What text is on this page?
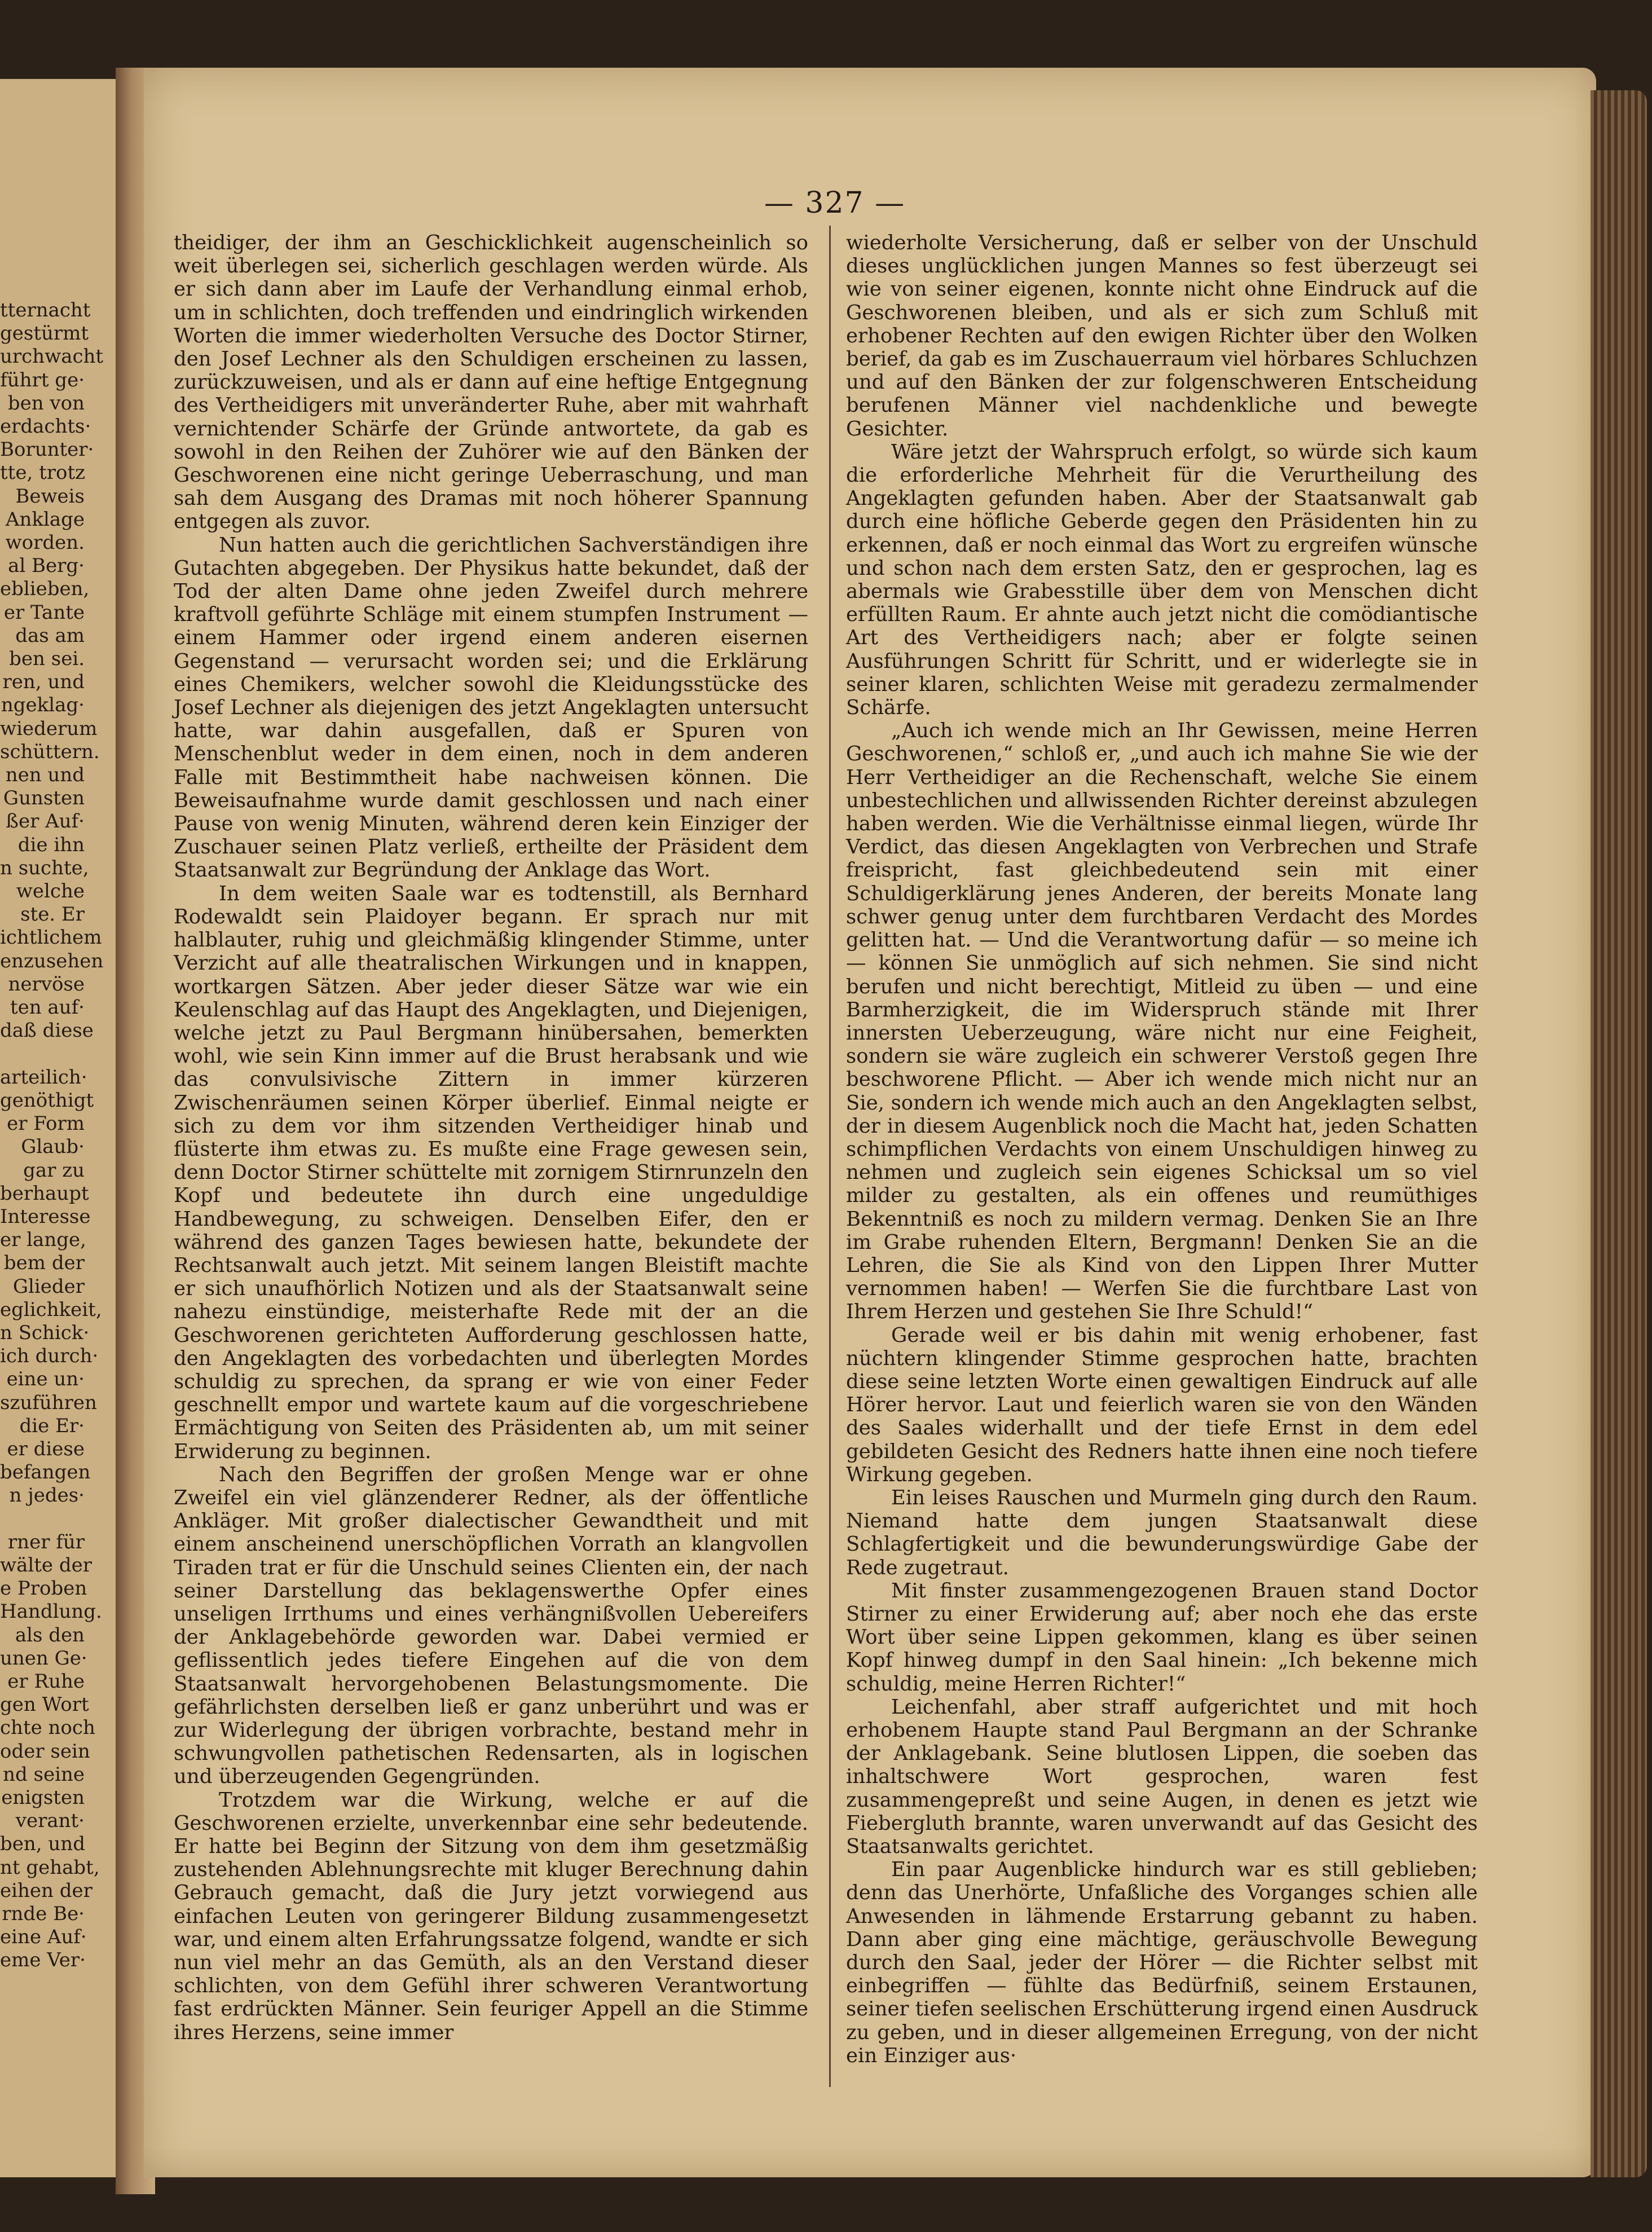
tternacht
gestürmt
urchwacht
führt ge·
ben von
erdachts·
Borunter·
tte, trotz
Beweis
Anklage
worden.
al Berg·
eblieben,
er Tante
das am
ben sei.
ren, und
ngeklag·
wiederum
schüttern.
nen und
Gunsten
ßer Auf·
die ihn
n suchte,
welche
ste. Er
ichtlichem
enzusehen
nervöse
ten auf·
daß diese

arteilich·
genöthigt
er Form
Glaub·
gar zu
berhaupt
Interesse
er lange,
bem der
Glieder
eglichkeit,
n Schick·
ich durch·
eine un·
szuführen
die Er·
er diese
befangen
n jedes·

rner für
wälte der
e Proben
Handlung.
als den
unen Ge·
er Ruhe
gen Wort
chte noch
oder sein
nd seine
enigsten
verant·
ben, und
nt gehabt,
eihen der
rnde Be·
eine Auf·
eme Ver·
— 327 —

theidiger, der ihm an Geschicklichkeit augenscheinlich so weit überlegen sei, sicherlich geschlagen werden würde. Als er sich dann aber im Laufe der Verhandlung einmal erhob, um in schlichten, doch treffenden und eindringlich wirkenden Worten die immer wiederholten Versuche des Doctor Stirner, den Josef Lechner als den Schuldigen erscheinen zu lassen, zurückzuweisen, und als er dann auf eine heftige Entgegnung des Vertheidigers mit unveränderter Ruhe, aber mit wahrhaft vernichtender Schärfe der Gründe antwortete, da gab es sowohl in den Reihen der Zuhörer wie auf den Bänken der Geschworenen eine nicht geringe Ueberraschung, und man sah dem Ausgang des Dramas mit noch höherer Spannung entgegen als zuvor.

Nun hatten auch die gerichtlichen Sachverständigen ihre Gutachten abgegeben. Der Physikus hatte bekundet, daß der Tod der alten Dame ohne jeden Zweifel durch mehrere kraftvoll geführte Schläge mit einem stumpfen Instrument — einem Hammer oder irgend einem anderen eisernen Gegenstand — verursacht worden sei; und die Erklärung eines Chemikers, welcher sowohl die Kleidungsstücke des Josef Lechner als diejenigen des jetzt Angeklagten untersucht hatte, war dahin ausgefallen, daß er Spuren von Menschenblut weder in dem einen, noch in dem anderen Falle mit Bestimmtheit habe nachweisen können. Die Beweisaufnahme wurde damit geschlossen und nach einer Pause von wenig Minuten, während deren kein Einziger der Zuschauer seinen Platz verließ, ertheilte der Präsident dem Staatsanwalt zur Begründung der Anklage das Wort.

In dem weiten Saale war es todtenstill, als Bernhard Rodewaldt sein Plaidoyer begann. Er sprach nur mit halblauter, ruhig und gleichmäßig klingender Stimme, unter Verzicht auf alle theatralischen Wirkungen und in knappen, wortkargen Sätzen. Aber jeder dieser Sätze war wie ein Keulenschlag auf das Haupt des Angeklagten, und Diejenigen, welche jetzt zu Paul Bergmann hinübersahen, bemerkten wohl, wie sein Kinn immer auf die Brust herabsank und wie das convulsivische Zittern in immer kürzeren Zwischenräumen seinen Körper überlief. Einmal neigte er sich zu dem vor ihm sitzenden Vertheidiger hinab und flüsterte ihm etwas zu. Es mußte eine Frage gewesen sein, denn Doctor Stirner schüttelte mit zornigem Stirnrunzeln den Kopf und bedeutete ihn durch eine ungeduldige Handbewegung, zu schweigen. Denselben Eifer, den er während des ganzen Tages bewiesen hatte, bekundete der Rechtsanwalt auch jetzt. Mit seinem langen Bleistift machte er sich unaufhörlich Notizen und als der Staatsanwalt seine nahezu einstündige, meisterhafte Rede mit der an die Geschworenen gerichteten Aufforderung geschlossen hatte, den Angeklagten des vorbedachten und überlegten Mordes schuldig zu sprechen, da sprang er wie von einer Feder geschnellt empor und wartete kaum auf die vorgeschriebene Ermächtigung von Seiten des Präsidenten ab, um mit seiner Erwiderung zu beginnen.

Nach den Begriffen der großen Menge war er ohne Zweifel ein viel glänzenderer Redner, als der öffentliche Ankläger. Mit großer dialectischer Gewandtheit und mit einem anscheinend unerschöpflichen Vorrath an klangvollen Tiraden trat er für die Unschuld seines Clienten ein, der nach seiner Darstellung das beklagenswerthe Opfer eines unseligen Irrthums und eines verhängnißvollen Uebereifers der Anklagebehörde geworden war. Dabei vermied er geflissentlich jedes tiefere Eingehen auf die von dem Staatsanwalt hervorgehobenen Belastungsmomente. Die gefährlichsten derselben ließ er ganz unberührt und was er zur Widerlegung der übrigen vorbrachte, bestand mehr in schwungvollen pathetischen Redensarten, als in logischen und überzeugenden Gegengründen.

Trotzdem war die Wirkung, welche er auf die Geschworenen erzielte, unverkennbar eine sehr bedeutende. Er hatte bei Beginn der Sitzung von dem ihm gesetzmäßig zustehenden Ablehnungsrechte mit kluger Berechnung dahin Gebrauch gemacht, daß die Jury jetzt vorwiegend aus einfachen Leuten von geringerer Bildung zusammengesetzt war, und einem alten Erfahrungssatze folgend, wandte er sich nun viel mehr an das Gemüth, als an den Verstand dieser schlichten, von dem Gefühl ihrer schweren Verantwortung fast erdrückten Männer. Sein feuriger Appell an die Stimme ihres Herzens, seine immer

wiederholte Versicherung, daß er selber von der Unschuld dieses unglücklichen jungen Mannes so fest überzeugt sei wie von seiner eigenen, konnte nicht ohne Eindruck auf die Geschworenen bleiben, und als er sich zum Schluß mit erhobener Rechten auf den ewigen Richter über den Wolken berief, da gab es im Zuschauerraum viel hörbares Schluchzen und auf den Bänken der zur folgenschweren Entscheidung berufenen Männer viel nachdenkliche und bewegte Gesichter.

Wäre jetzt der Wahrspruch erfolgt, so würde sich kaum die erforderliche Mehrheit für die Verurtheilung des Angeklagten gefunden haben. Aber der Staatsanwalt gab durch eine höfliche Geberde gegen den Präsidenten hin zu erkennen, daß er noch einmal das Wort zu ergreifen wünsche und schon nach dem ersten Satz, den er gesprochen, lag es abermals wie Grabesstille über dem von Menschen dicht erfüllten Raum. Er ahnte auch jetzt nicht die comödiantische Art des Vertheidigers nach; aber er folgte seinen Ausführungen Schritt für Schritt, und er widerlegte sie in seiner klaren, schlichten Weise mit geradezu zermalmender Schärfe.

„Auch ich wende mich an Ihr Gewissen, meine Herren Geschworenen,“ schloß er, „und auch ich mahne Sie wie der Herr Vertheidiger an die Rechenschaft, welche Sie einem unbestechlichen und allwissenden Richter dereinst abzulegen haben werden. Wie die Verhältnisse einmal liegen, würde Ihr Verdict, das diesen Angeklagten von Verbrechen und Strafe freispricht, fast gleichbedeutend sein mit einer Schuldigerklärung jenes Anderen, der bereits Monate lang schwer genug unter dem furchtbaren Verdacht des Mordes gelitten hat. — Und die Verantwortung dafür — so meine ich — können Sie unmöglich auf sich nehmen. Sie sind nicht berufen und nicht berechtigt, Mitleid zu üben — und eine Barmherzigkeit, die im Widerspruch stände mit Ihrer innersten Ueberzeugung, wäre nicht nur eine Feigheit, sondern sie wäre zugleich ein schwerer Verstoß gegen Ihre beschworene Pflicht. — Aber ich wende mich nicht nur an Sie, sondern ich wende mich auch an den Angeklagten selbst, der in diesem Augenblick noch die Macht hat, jeden Schatten schimpflichen Verdachts von einem Unschuldigen hinweg zu nehmen und zugleich sein eigenes Schicksal um so viel milder zu gestalten, als ein offenes und reumüthiges Bekenntniß es noch zu mildern vermag. Denken Sie an Ihre im Grabe ruhenden Eltern, Bergmann! Denken Sie an die Lehren, die Sie als Kind von den Lippen Ihrer Mutter vernommen haben! — Werfen Sie die furchtbare Last von Ihrem Herzen und gestehen Sie Ihre Schuld!“

Gerade weil er bis dahin mit wenig erhobener, fast nüchtern klingender Stimme gesprochen hatte, brachten diese seine letzten Worte einen gewaltigen Eindruck auf alle Hörer hervor. Laut und feierlich waren sie von den Wänden des Saales widerhallt und der tiefe Ernst in dem edel gebildeten Gesicht des Redners hatte ihnen eine noch tiefere Wirkung gegeben.

Ein leises Rauschen und Murmeln ging durch den Raum. Niemand hatte dem jungen Staatsanwalt diese Schlagfertigkeit und die bewunderungswürdige Gabe der Rede zugetraut.

Mit finster zusammengezogenen Brauen stand Doctor Stirner zu einer Erwiderung auf; aber noch ehe das erste Wort über seine Lippen gekommen, klang es über seinen Kopf hinweg dumpf in den Saal hinein: „Ich bekenne mich schuldig, meine Herren Richter!“

Leichenfahl, aber straff aufgerichtet und mit hoch erhobenem Haupte stand Paul Bergmann an der Schranke der Anklagebank. Seine blutlosen Lippen, die soeben das inhaltschwere Wort gesprochen, waren fest zusammengepreßt und seine Augen, in denen es jetzt wie Fiebergluth brannte, waren unverwandt auf das Gesicht des Staatsanwalts gerichtet.

Ein paar Augenblicke hindurch war es still geblieben; denn das Unerhörte, Unfaßliche des Vorganges schien alle Anwesenden in lähmende Erstarrung gebannt zu haben. Dann aber ging eine mächtige, geräuschvolle Bewegung durch den Saal, jeder der Hörer — die Richter selbst mit einbegriffen — fühlte das Bedürfniß, seinem Erstaunen, seiner tiefen seelischen Erschütterung irgend einen Ausdruck zu geben, und in dieser allgemeinen Erregung, von der nicht ein Einziger aus·
